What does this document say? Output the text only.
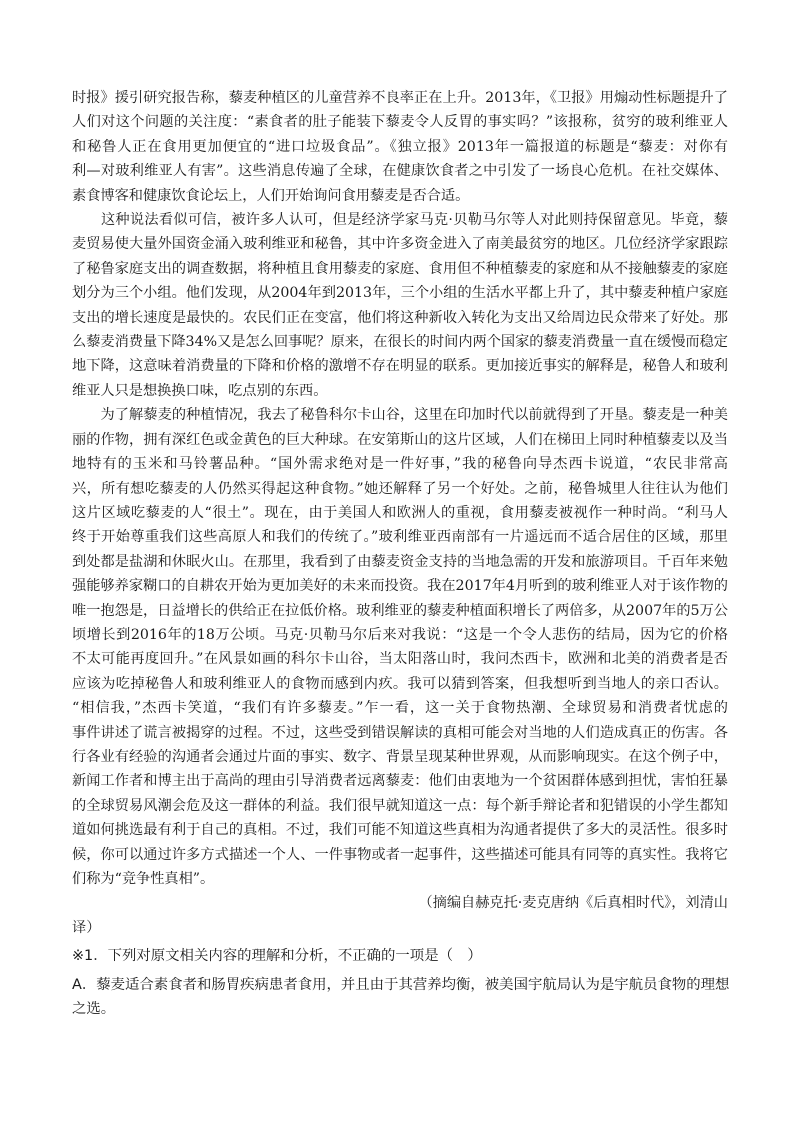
时报》援引研究报告称，藜麦种植区的儿童营养不良率正在上升。2013年，《卫报》用煽动性标题提升了
人们对这个问题的关注度：“素食者的肚子能装下藜麦令人反胃的事实吗？”该报称，贫穷的玻利维亚人
和秘鲁人正在食用更加便宜的“进口垃圾食品”。《独立报》2013年一篇报道的标题是“藜麦：对你有
利—对玻利维亚人有害”。这些消息传遍了全球，在健康饮食者之中引发了一场良心危机。在社交媒体、
素食博客和健康饮食论坛上，人们开始询问食用藜麦是否合适。
　　这种说法看似可信，被许多人认可，但是经济学家马克·贝勒马尔等人对此则持保留意见。毕竟，藜
麦贸易使大量外国资金涌入玻利维亚和秘鲁，其中许多资金进入了南美最贫穷的地区。几位经济学家跟踪
了秘鲁家庭支出的调查数据，将种植且食用藜麦的家庭、食用但不种植藜麦的家庭和从不接触藜麦的家庭
划分为三个小组。他们发现，从2004年到2013年，三个小组的生活水平都上升了，其中藜麦种植户家庭
支出的增长速度是最快的。农民们正在变富，他们将这种新收入转化为支出又给周边民众带来了好处。那
么藜麦消费量下降34%又是怎么回事呢？原来，在很长的时间内两个国家的藜麦消费量一直在缓慢而稳定
地下降，这意味着消费量的下降和价格的激增不存在明显的联系。更加接近事实的解释是，秘鲁人和玻利
维亚人只是想换换口味，吃点别的东西。
　　为了解藜麦的种植情况，我去了秘鲁科尔卡山谷，这里在印加时代以前就得到了开垦。藜麦是一种美
丽的作物，拥有深红色或金黄色的巨大种球。在安第斯山的这片区域，人们在梯田上同时种植藜麦以及当
地特有的玉米和马铃薯品种。“国外需求绝对是一件好事，”我的秘鲁向导杰西卡说道，“农民非常高
兴，所有想吃藜麦的人仍然买得起这种食物。”她还解释了另一个好处。之前，秘鲁城里人往往认为他们
这片区域吃藜麦的人“很土”。现在，由于美国人和欧洲人的重视，食用藜麦被视作一种时尚。“利马人
终于开始尊重我们这些高原人和我们的传统了。”玻利维亚西南部有一片遥远而不适合居住的区域，那里
到处都是盐湖和休眠火山。在那里，我看到了由藜麦资金支持的当地急需的开发和旅游项目。千百年来勉
强能够养家糊口的自耕农开始为更加美好的未来而投资。我在2017年4月听到的玻利维亚人对于该作物的
唯一抱怨是，日益增长的供给正在拉低价格。玻利维亚的藜麦种植面积增长了两倍多，从2007年的5万公
顷增长到2016年的18万公顷。马克·贝勒马尔后来对我说：“这是一个令人悲伤的结局，因为它的价格
不太可能再度回升。”在风景如画的科尔卡山谷，当太阳落山时，我问杰西卡，欧洲和北美的消费者是否
应该为吃掉秘鲁人和玻利维亚人的食物而感到内疚。我可以猜到答案，但我想听到当地人的亲口否认。
“相信我，”杰西卡笑道，“我们有许多藜麦。”乍一看，这一关于食物热潮、全球贸易和消费者忧虑的
事件讲述了谎言被揭穿的过程。不过，这些受到错误解读的真相可能会对当地的人们造成真正的伤害。各
行各业有经验的沟通者会通过片面的事实、数字、背景呈现某种世界观，从而影响现实。在这个例子中，
新闻工作者和博主出于高尚的理由引导消费者远离藜麦：他们由衷地为一个贫困群体感到担忧，害怕狂暴
的全球贸易风潮会危及这一群体的利益。我们很早就知道这一点：每个新手辩论者和犯错误的小学生都知
道如何挑选最有利于自己的真相。不过，我们可能不知道这些真相为沟通者提供了多大的灵活性。很多时
候，你可以通过许多方式描述一个人、一件事物或者一起事件，这些描述可能具有同等的真实性。我将它
们称为“竞争性真相”。
（摘编自赫克托·麦克唐纳《后真相时代》，刘清山
译）
※1．下列对原文相关内容的理解和分析，不正确的一项是（　）
A．藜麦适合素食者和肠胃疾病患者食用，并且由于其营养均衡，被美国宇航局认为是宇航员食物的理想
之选。
